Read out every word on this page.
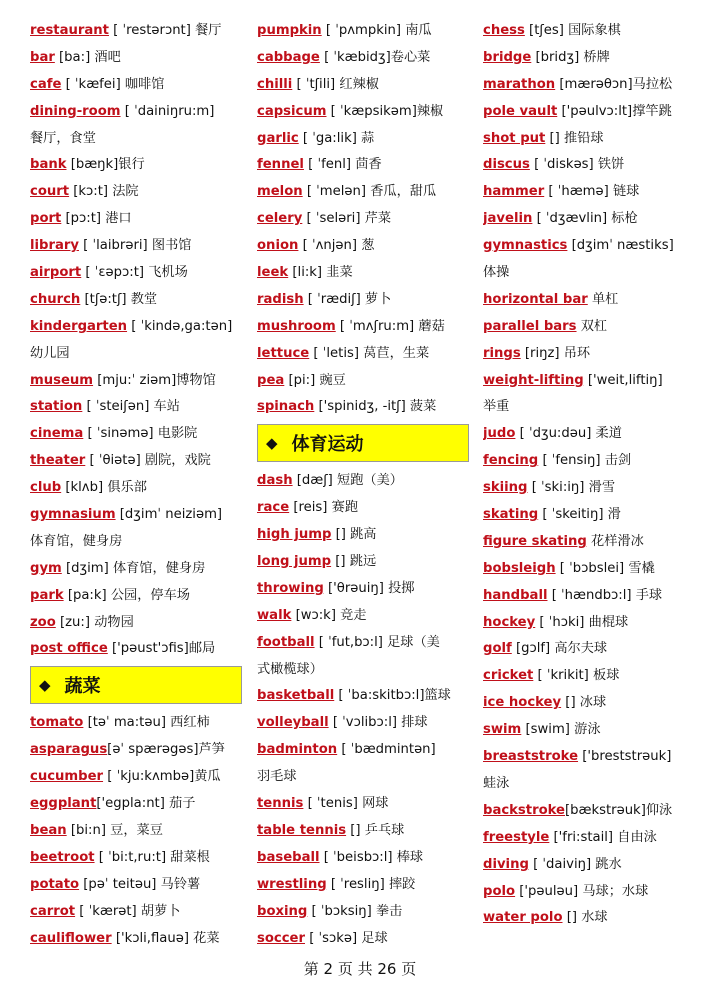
restaurant [ ˈrestərɔnt] 餐厅
bar [ba:] 酒吧
cafe [ ˈkæfei] 咖啡馆
dining-room [ ˈdainiŋru:m]
餐厅，食堂
bank [bæŋk]银行
court [kɔ:t] 法院
port [pɔ:t] 港口
library [ ˈlaibrəri] 图书馆
airport [ ˈɛəpɔ:t] 飞机场
church [tʃə:tʃ] 教堂
kindergarten [ ˈkində,ga:tən]
幼儿园
museum [mju:ˈ ziəm]博物馆
station [ ˈsteiʃən] 车站
cinema [ ˈsinəmə] 电影院
theater [ ˈθiətə] 剧院，戏院
club [klʌb] 俱乐部
gymnasium [dʒimˈ neiziəm]
体育馆，健身房
gym [dʒim] 体育馆，健身房
park [pa:k] 公园，停车场
zoo [zu:] 动物园
post office ['pəust'ɔfis]邮局
◆ 蔬菜
tomato [təˈ ma:təu] 西红柿
asparagus[əˈ spærəgəs]芦笋
cucumber [ ˈkju:kʌmbə]黄瓜
eggplant['egpla:nt] 茄子
bean [bi:n] 豆，菜豆
beetroot [ ˈbi:t,ru:t] 甜菜根
potato [pəˈ teitəu] 马铃薯
carrot [ ˈkærət] 胡萝卜
cauliflower ['kɔli,flauə] 花菜
pumpkin [ ˈpʌmpkin] 南瓜
cabbage [ ˈkæbidʒ]卷心菜
chilli [ ˈtʃili] 红辣椒
capsicum [ ˈkæpsikəm]辣椒
garlic [ ˈga:lik] 蒜
fennel [ ˈfenl] 茴香
melon [ ˈmelən] 香瓜，甜瓜
celery [ ˈseləri] 芹菜
onion [ ˈʌnjən] 葱
leek [li:k] 韭菜
radish [ ˈrædiʃ] 萝卜
mushroom [ ˈmʌʃru:m] 蘑菇
lettuce [ ˈletis] 莴苣，生菜
pea [pi:] 豌豆
spinach ['spinidʒ, -itʃ] 菠菜
◆ 体育运动
dash [dæʃ] 短跑（美）
race [reis] 赛跑
high jump [] 跳高
long jump [] 跳远
throwing ['θrəuiŋ] 投掷
walk [wɔ:k] 竞走
football [ ˈfut,bɔ:l] 足球（美
式橄榄球）
basketball [ ˈba:skitbɔ:l]篮球
volleyball [ ˈvɔlibɔ:l] 排球
badminton [ ˈbædmintən]
羽毛球
tennis [ ˈtenis] 网球
table tennis [] 乒乓球
baseball [ ˈbeisbɔ:l] 棒球
wrestling [ ˈresliŋ] 摔跤
boxing [ ˈbɔksiŋ] 拳击
soccer [ ˈsɔkə] 足球
chess [tʃes] 国际象棋
bridge [bridʒ] 桥牌
marathon [mærəθɔn]马拉松
pole vault ['pəulvɔ:lt]撑竿跳
shot put [] 推铅球
discus [ ˈdiskəs] 铁饼
hammer [ ˈhæmə] 链球
javelin [ ˈdʒævlin] 标枪
gymnastics [dʒimˈ næstiks]
体操
horizontal bar 单杠
parallel bars 双杠
rings [riŋz] 吊环
weight-lifting ['weit,liftiŋ]
举重
judo [ ˈdʒu:dəu] 柔道
fencing [ ˈfensiŋ] 击剑
skiing [ ˈski:iŋ] 滑雪
skating [ ˈskeitiŋ] 滑
figure skating 花样滑冰
bobsleigh [ ˈbɔbslei] 雪橇
handball [ ˈhændbɔ:l] 手球
hockey [ ˈhɔki] 曲棍球
golf [gɔlf] 高尔夫球
cricket [ ˈkrikit] 板球
ice hockey [] 冰球
swim [swim] 游泳
breaststroke ['breststrəuk]
蛙泳
backstroke[bækstrəuk]仰泳
freestyle ['fri:stail] 自由泳
diving [ ˈdaiviŋ] 跳水
polo ['pəuləu] 马球；水球
water polo [] 水球
第 2 页 共 26 页
